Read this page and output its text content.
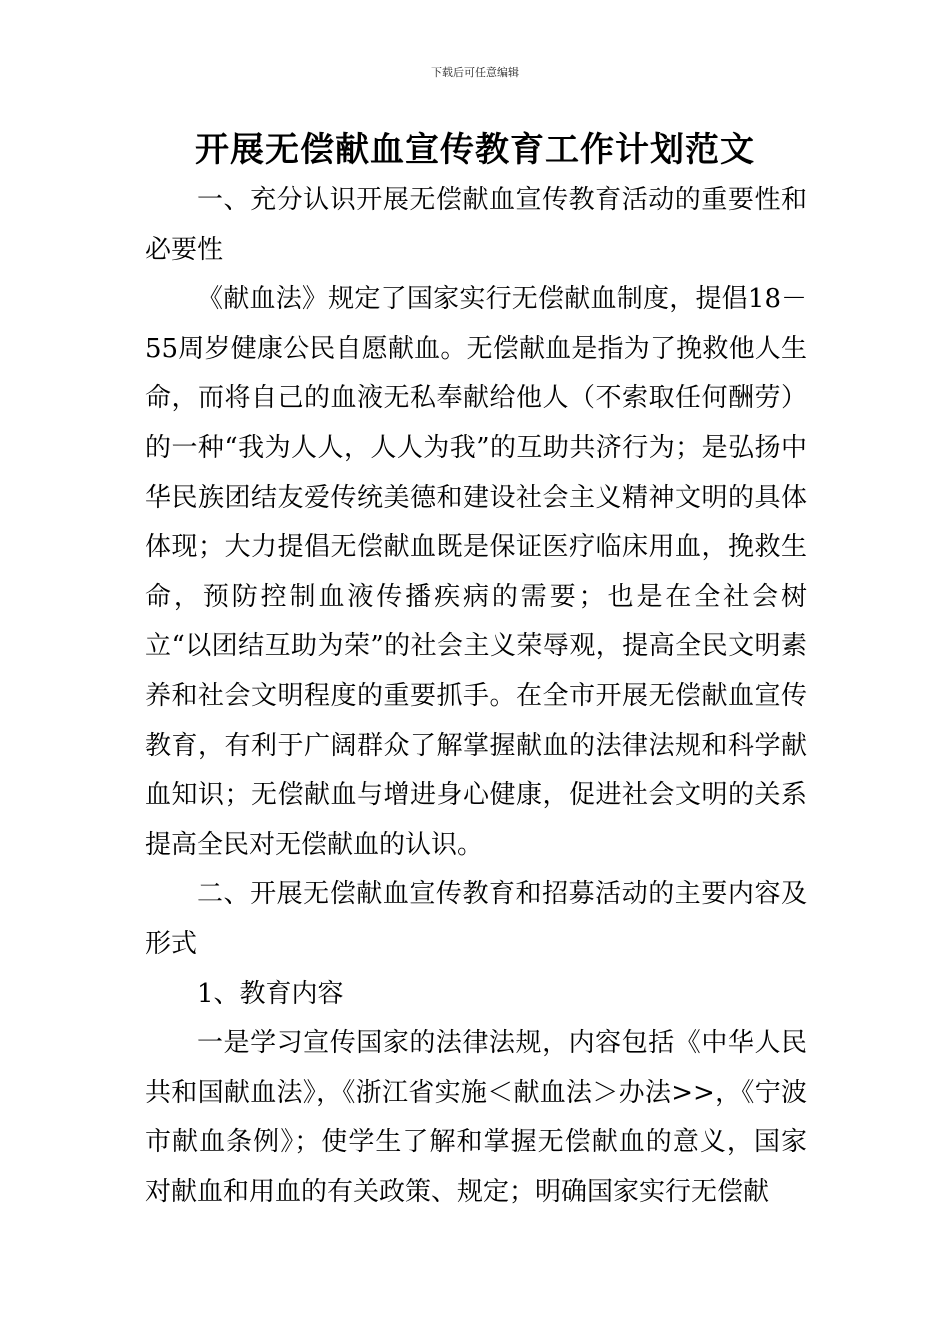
下载后可任意编辑
开展无偿献血宣传教育工作计划范文

一、充分认识开展无偿献血宣传教育活动的重要性和必要性

《献血法》规定了国家实行无偿献血制度，提倡18－55周岁健康公民自愿献血。无偿献血是指为了挽救他人生命，而将自己的血液无私奉献给他人（不索取任何酬劳）的一种“我为人人，人人为我”的互助共济行为；是弘扬中华民族团结友爱传统美德和建设社会主义精神文明的具体体现；大力提倡无偿献血既是保证医疗临床用血，挽救生命，预防控制血液传播疾病的需要；也是在全社会树立“以团结互助为荣”的社会主义荣辱观，提高全民文明素养和社会文明程度的重要抓手。在全市开展无偿献血宣传教育，有利于广阔群众了解掌握献血的法律法规和科学献血知识；无偿献血与增进身心健康，促进社会文明的关系提高全民对无偿献血的认识。

二、开展无偿献血宣传教育和招募活动的主要内容及形式

1、教育内容

一是学习宣传国家的法律法规，内容包括《中华人民共和国献血法》，《浙江省实施＜献血法＞办法>>，《宁波市献血条例》；使学生了解和掌握无偿献血的意义，国家对献血和用血的有关政策、规定；明确国家实行无偿献
